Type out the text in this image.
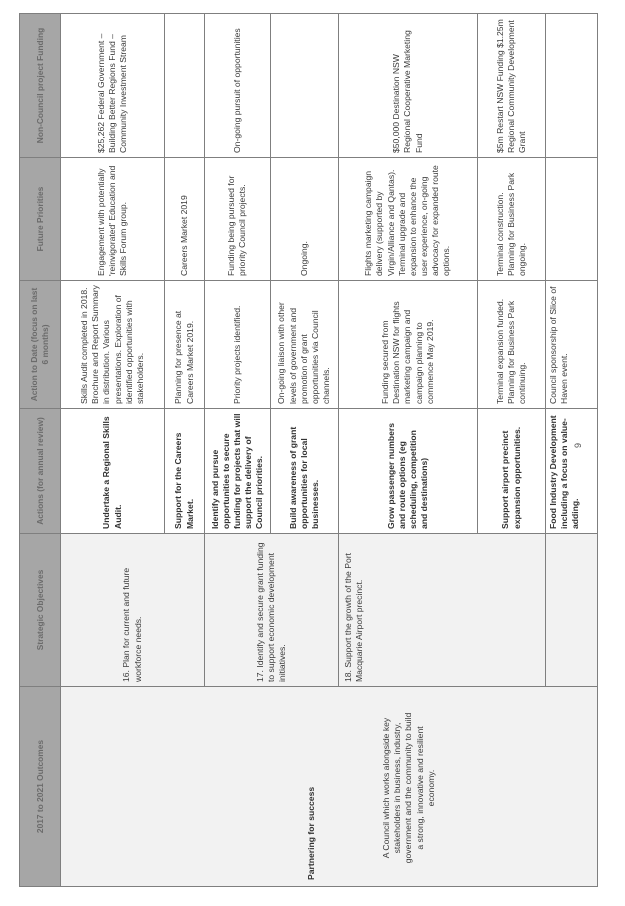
2017 to 2021 Outcomes	Strategic Objectives	Actions (for annual review)	Action to Date (focus on last 6 months)	Future Priorities	Non-Council project Funding

Partnering for success A Council which works alongside key stakeholders in business, industry, government and the community to build a strong, innovative and resilient economy.	16. Plan for current and future workforce needs.	Undertake a Regional Skills Audit.	Skills Audit completed in 2018. Brochure and Report Summary in distribution. Various presentations. Exploration of identified opportunities with stakeholders.	Engagement with potentially 'reinvigorated' Education and Skills Forum group.	$25,262 Federal Government – Building Better Regions Fund – Community Investment Stream
		Support for the Careers Market.	Planning for presence at Careers Market 2019.	Careers Market 2019	
	17. Identify and secure grant funding to support economic development initiatives.	Identify and pursue opportunities to secure funding for projects that will support the delivery of Council priorities.	Priority projects identified.	Funding being pursued for priority Council projects.	On-going pursuit of opportunities
		Build awareness of grant opportunities for local businesses.	On-going liaison with other levels of government and promotion of grant opportunities via Council channels.	Ongoing.	
	18. Support the growth of the Port Macquarie Airport precinct.	Grow passenger numbers and route options (eg scheduling, competition and destinations)	Funding secured from Destination NSW for flights marketing campaign and campaign planning to commence May 2019.	Flights marketing campaign delivery (supported by Virgin/Alliance and Qantas). Terminal upgrade and expansion to enhance the user experience, on-going advocacy for expanded route options.	$50,000 Destination NSW Regional Cooperative Marketing Fund
		Support airport precinct expansion opportunities.	Terminal expansion funded. Planning for Business Park continuing.	Terminal construction. Planning for Business Park ongoing.	$5m Restart NSW Funding $1.25m Regional Community Development Grant
		Food Industry Development including a focus on value-adding.	Council sponsorship of Slice of Haven event.		
9
